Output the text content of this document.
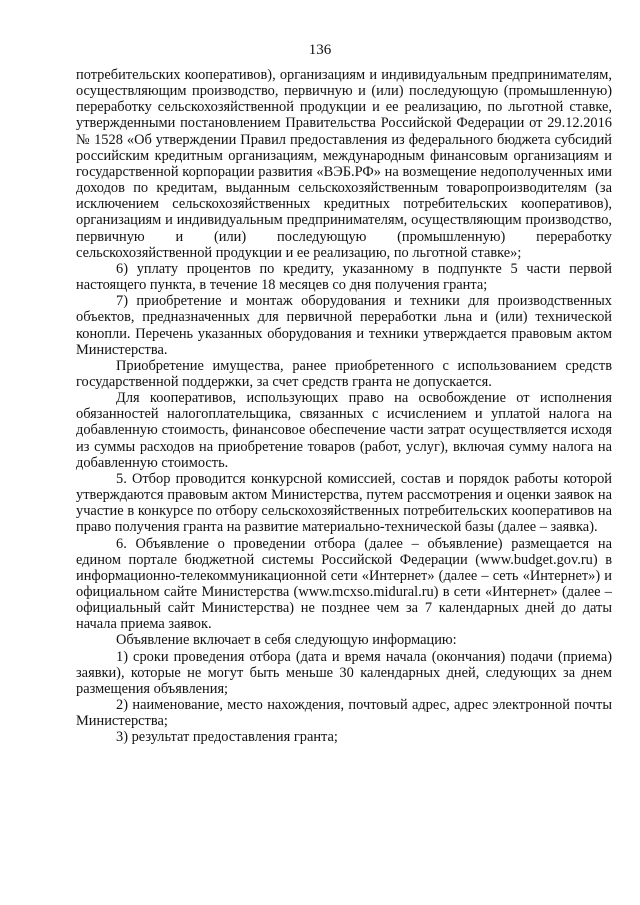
136

потребительских кооперативов), организациям и индивидуальным предпринимателям, осуществляющим производство, первичную и (или) последующую (промышленную) переработку сельскохозяйственной продукции и ее реализацию, по льготной ставке, утвержденными постановлением Правительства Российской Федерации от 29.12.2016 № 1528 «Об утверждении Правил предоставления из федерального бюджета субсидий российским кредитным организациям, международным финансовым организациям и государственной корпорации развития «ВЭБ.РФ» на возмещение недополученных ими доходов по кредитам, выданным сельскохозяйственным товаропроизводителям (за исключением сельскохозяйственных кредитных потребительских кооперативов), организациям и индивидуальным предпринимателям, осуществляющим производство, первичную и (или) последующую (промышленную) переработку сельскохозяйственной продукции и ее реализацию, по льготной ставке»;

6) уплату процентов по кредиту, указанному в подпункте 5 части первой настоящего пункта, в течение 18 месяцев со дня получения гранта;

7) приобретение и монтаж оборудования и техники для производственных объектов, предназначенных для первичной переработки льна и (или) технической конопли. Перечень указанных оборудования и техники утверждается правовым актом Министерства.

Приобретение имущества, ранее приобретенного с использованием средств государственной поддержки, за счет средств гранта не допускается.

Для кооперативов, использующих право на освобождение от исполнения обязанностей налогоплательщика, связанных с исчислением и уплатой налога на добавленную стоимость, финансовое обеспечение части затрат осуществляется исходя из суммы расходов на приобретение товаров (работ, услуг), включая сумму налога на добавленную стоимость.

5. Отбор проводится конкурсной комиссией, состав и порядок работы которой утверждаются правовым актом Министерства, путем рассмотрения и оценки заявок на участие в конкурсе по отбору сельскохозяйственных потребительских кооперативов на право получения гранта на развитие материально-технической базы (далее – заявка).

6. Объявление о проведении отбора (далее – объявление) размещается на едином портале бюджетной системы Российской Федерации (www.budget.gov.ru) в информационно-телекоммуникационной сети «Интернет» (далее – сеть «Интернет») и официальном сайте Министерства (www.mcxso.midural.ru) в сети «Интернет» (далее – официальный сайт Министерства) не позднее чем за 7 календарных дней до даты начала приема заявок.

Объявление включает в себя следующую информацию:

1) сроки проведения отбора (дата и время начала (окончания) подачи (приема) заявки), которые не могут быть меньше 30 календарных дней, следующих за днем размещения объявления;

2) наименование, место нахождения, почтовый адрес, адрес электронной почты Министерства;

3) результат предоставления гранта;
